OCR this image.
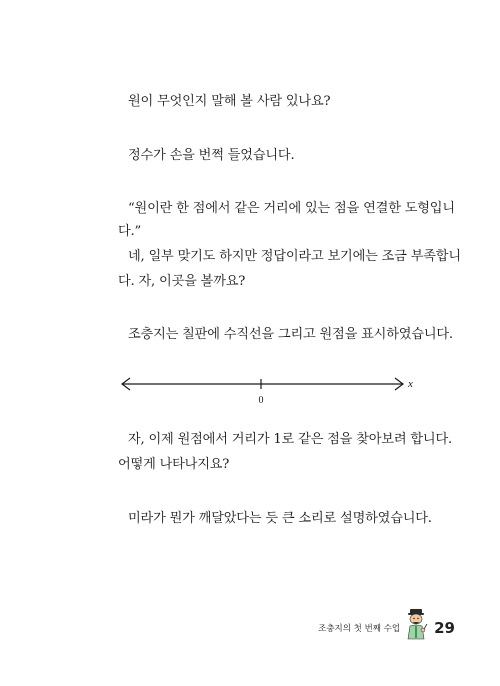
원이 무엇인지 말해 볼 사람 있나요?
정수가 손을 번쩍 들었습니다.
“원이란 한 점에서 같은 거리에 있는 점을 연결한 도형입니
다.”
네, 일부 맞기도 하지만 정답이라고 보기에는 조금 부족합니
다. 자, 이곳을 볼까요?
조충지는 칠판에 수직선을 그리고 원점을 표시하였습니다.
0
x
자, 이제 원점에서 거리가 1로 같은 점을 찾아보려 합니다.
어떻게 나타나지요?
미라가 뭔가 깨달았다는 듯 큰 소리로 설명하였습니다.
조충지의 첫 번째 수업 29
